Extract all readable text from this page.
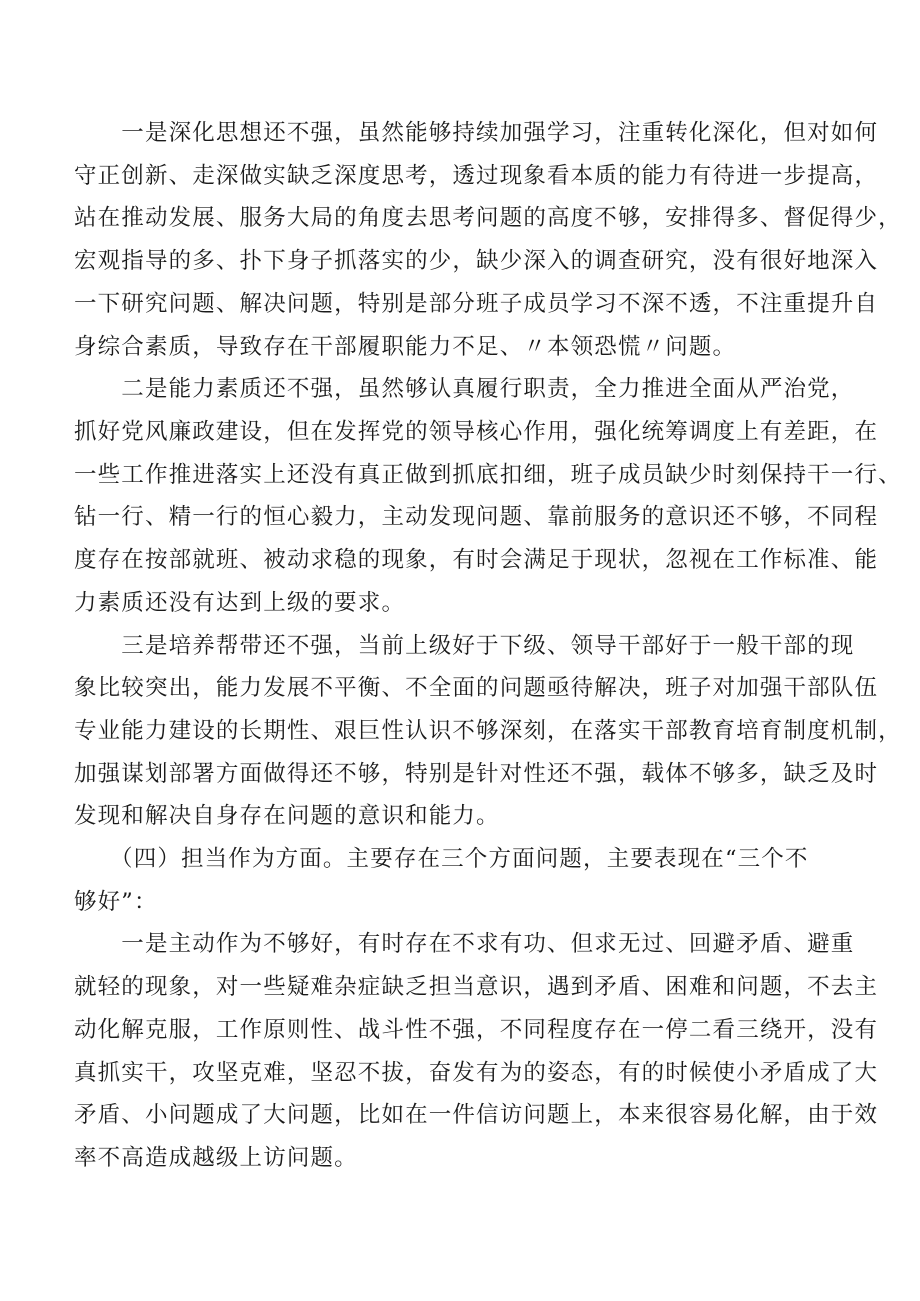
　　一是深化思想还不强，虽然能够持续加强学习，注重转化深化，但对如何
守正创新、走深做实缺乏深度思考，透过现象看本质的能力有待进一步提高，
站在推动发展、服务大局的角度去思考问题的高度不够，安排得多、督促得少，
宏观指导的多、扑下身子抓落实的少，缺少深入的调查研究，没有很好地深入
一下研究问题、解决问题，特别是部分班子成员学习不深不透，不注重提升自
身综合素质，导致存在干部履职能力不足、〃本领恐慌〃问题。
　　二是能力素质还不强，虽然够认真履行职责，全力推进全面从严治党，
抓好党风廉政建设，但在发挥党的领导核心作用，强化统筹调度上有差距，在
一些工作推进落实上还没有真正做到抓底扣细，班子成员缺少时刻保持干一行、
钻一行、精一行的恒心毅力，主动发现问题、靠前服务的意识还不够，不同程
度存在按部就班、被动求稳的现象，有时会满足于现状，忽视在工作标准、能
力素质还没有达到上级的要求。
　　三是培养帮带还不强，当前上级好于下级、领导干部好于一般干部的现
象比较突出，能力发展不平衡、不全面的问题亟待解决，班子对加强干部队伍
专业能力建设的长期性、艰巨性认识不够深刻，在落实干部教育培育制度机制，
加强谋划部署方面做得还不够，特别是针对性还不强，载体不够多，缺乏及时
发现和解决自身存在问题的意识和能力。
　　（四）担当作为方面。主要存在三个方面问题，主要表现在“三个不
够好”：
　　一是主动作为不够好，有时存在不求有功、但求无过、回避矛盾、避重
就轻的现象，对一些疑难杂症缺乏担当意识，遇到矛盾、困难和问题，不去主
动化解克服，工作原则性、战斗性不强，不同程度存在一停二看三绕开，没有
真抓实干，攻坚克难，坚忍不拔，奋发有为的姿态，有的时候使小矛盾成了大
矛盾、小问题成了大问题，比如在一件信访问题上，本来很容易化解，由于效
率不高造成越级上访问题。
